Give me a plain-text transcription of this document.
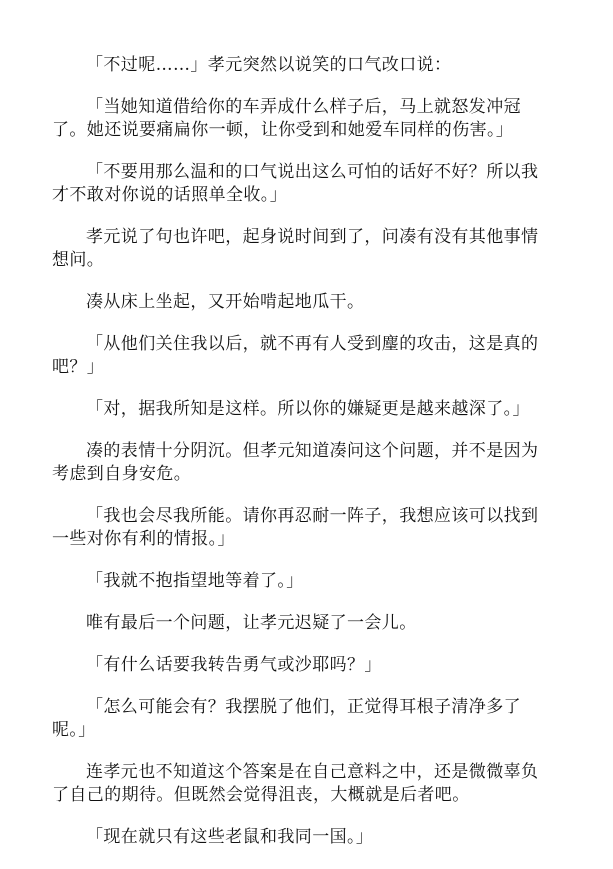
「不过呢……」孝元突然以说笑的口气改口说：

「当她知道借给你的车弄成什么样子后，马上就怒发冲冠了。她还说要痛扁你一顿，让你受到和她爱车同样的伤害。」

「不要用那么温和的口气说出这么可怕的话好不好？所以我才不敢对你说的话照单全收。」

孝元说了句也许吧，起身说时间到了，问凑有没有其他事情想问。

凑从床上坐起，又开始啃起地瓜干。

「从他们关住我以后，就不再有人受到麈的攻击，这是真的吧？」

「对，据我所知是这样。所以你的嫌疑更是越来越深了。」

凑的表情十分阴沉。但孝元知道凑问这个问题，并不是因为考虑到自身安危。

「我也会尽我所能。请你再忍耐一阵子，我想应该可以找到一些对你有利的情报。」

「我就不抱指望地等着了。」

唯有最后一个问题，让孝元迟疑了一会儿。

「有什么话要我转告勇气或沙耶吗？」

「怎么可能会有？我摆脱了他们，正觉得耳根子清净多了呢。」

连孝元也不知道这个答案是在自己意料之中，还是微微辜负了自己的期待。但既然会觉得沮丧，大概就是后者吧。

「现在就只有这些老鼠和我同一国。」
